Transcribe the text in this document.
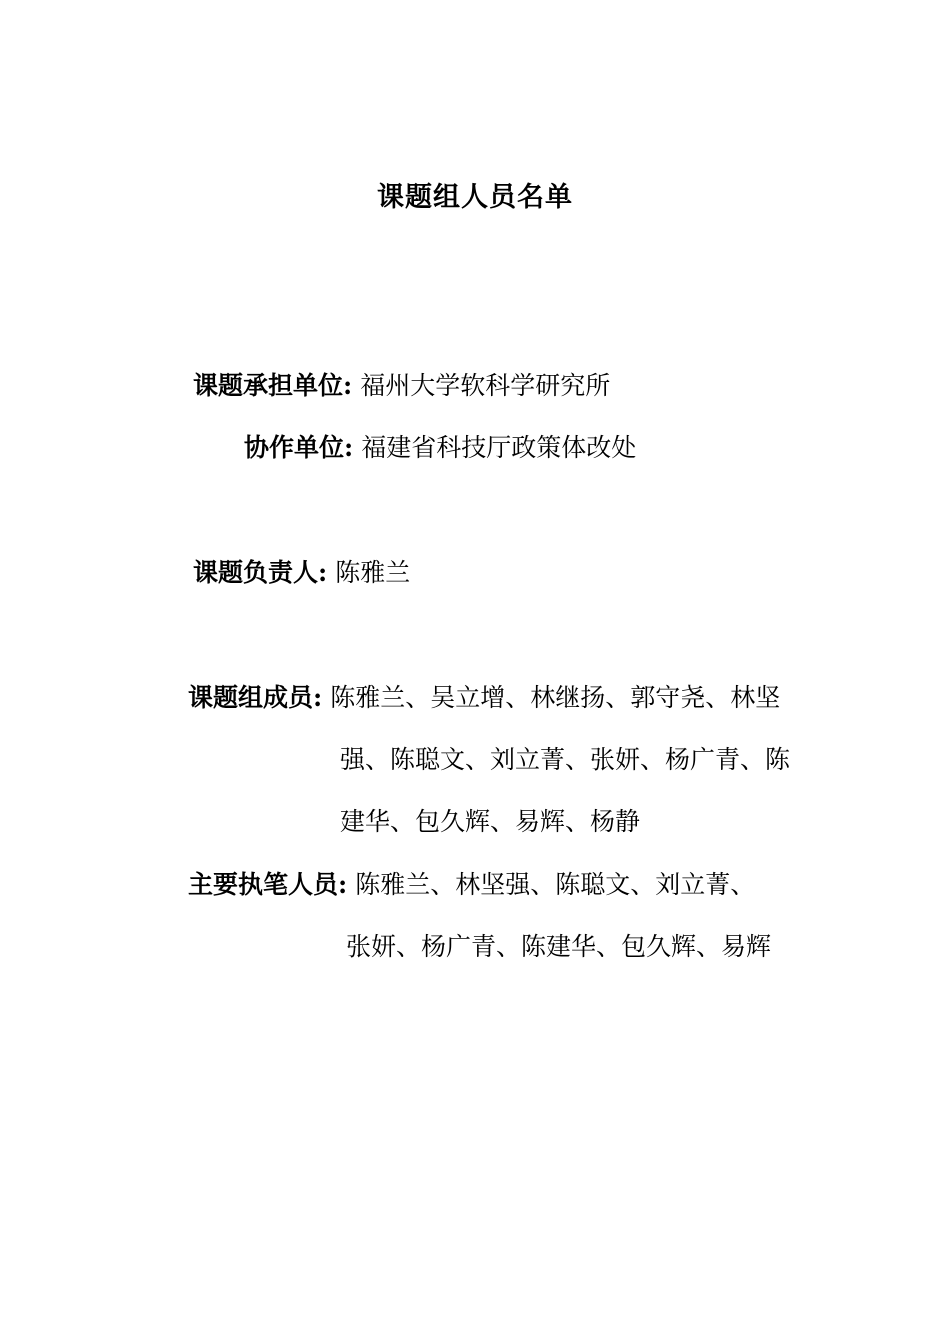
课题组人员名单
课题承担单位: 福州大学软科学研究所
协作单位: 福建省科技厅政策体改处
课题负责人: 陈雅兰
课题组成员: 陈雅兰、吴立增、林继扬、郭守尧、林坚
强、陈聪文、刘立菁、张妍、杨广青、陈
建华、包久辉、易辉、杨静
主要执笔人员: 陈雅兰、林坚强、陈聪文、刘立菁、
张妍、杨广青、陈建华、包久辉、易辉
